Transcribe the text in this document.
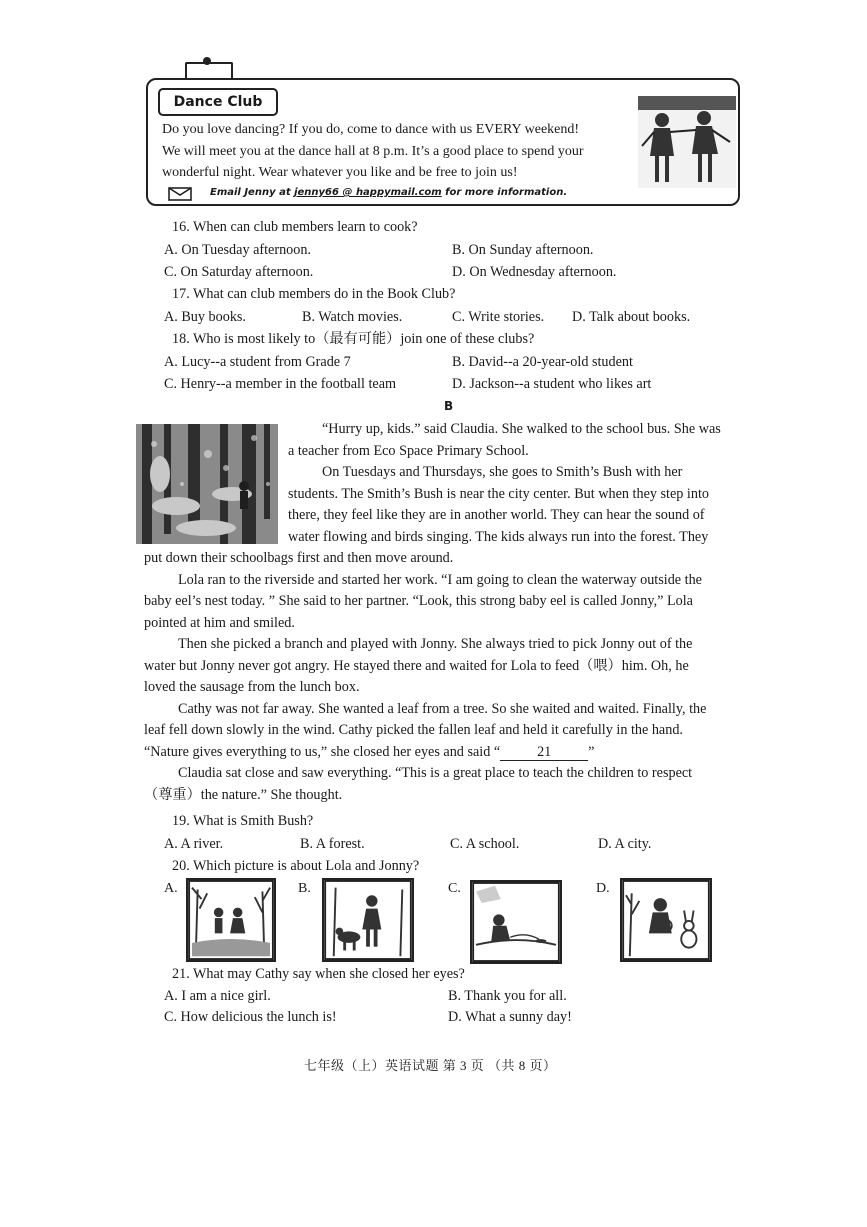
Dance Club
Do you love dancing? If you do, come to dance with us EVERY weekend!
We will meet you at the dance hall at 8 p.m. It’s a good place to spend your
wonderful night. Wear whatever you like and be free to join us!
Email Jenny at jenny66 @ happymail.com for more information.
16. When can club members learn to cook?
A. On Tuesday afternoon.	B. On Sunday afternoon.
C. On Saturday afternoon.	D. On Wednesday afternoon.
17. What can club members do in the Book Club?
A. Buy books.	B. Watch movies.	C. Write stories. D. Talk about books.
18. Who is most likely to（最有可能）join one of these clubs?
A. Lucy--a student from Grade 7	B. David--a 20-year-old student
C. Henry--a member in the football team	D. Jackson--a student who likes art
B

“Hurry up, kids.” said Claudia. She walked to the school bus. She was

a teacher from Eco Space Primary School.

On Tuesdays and Thursdays, she goes to Smith’s Bush with her

students. The Smith’s Bush is near the city center. But when they step into

there, they feel like they are in another world. They can hear the sound of

water flowing and birds singing. The kids always run into the forest. They

put down their schoolbags first and then move around.

Lola ran to the riverside and started her work. “I am going to clean the waterway outside the

baby eel’s nest today. ” She said to her partner. “Look, this strong baby eel is called Jonny,” Lola

pointed at him and smiled.

Then she picked a branch and played with Jonny. She always tried to pick Jonny out of the

water but Jonny never got angry. He stayed there and waited for Lola to feed（喂）him. Oh, he

loved the sausage from the lunch box.

Cathy was not far away. She wanted a leaf from a tree. So she waited and waited. Finally, the

leaf fell down slowly in the wind. Cathy picked the fallen leaf and held it carefully in the hand.

“Nature gives everything to us,” she closed her eyes and said “	21	”

Claudia sat close and saw everything. “This is a great place to teach the children to respect

（尊重）the nature.” She thought.

19. What is Smith Bush?
A. A river.	B. A forest.	C. A school.	D. A city.
20. Which picture is about Lola and Jonny?
A.	B.	C.	D.
21. What may Cathy say when she closed her eyes?
A. I am a nice girl.	B. Thank you for all.
C. How delicious the lunch is!	D. What a sunny day!
七年级（上）英语试题 第 3 页 （共 8 页）
